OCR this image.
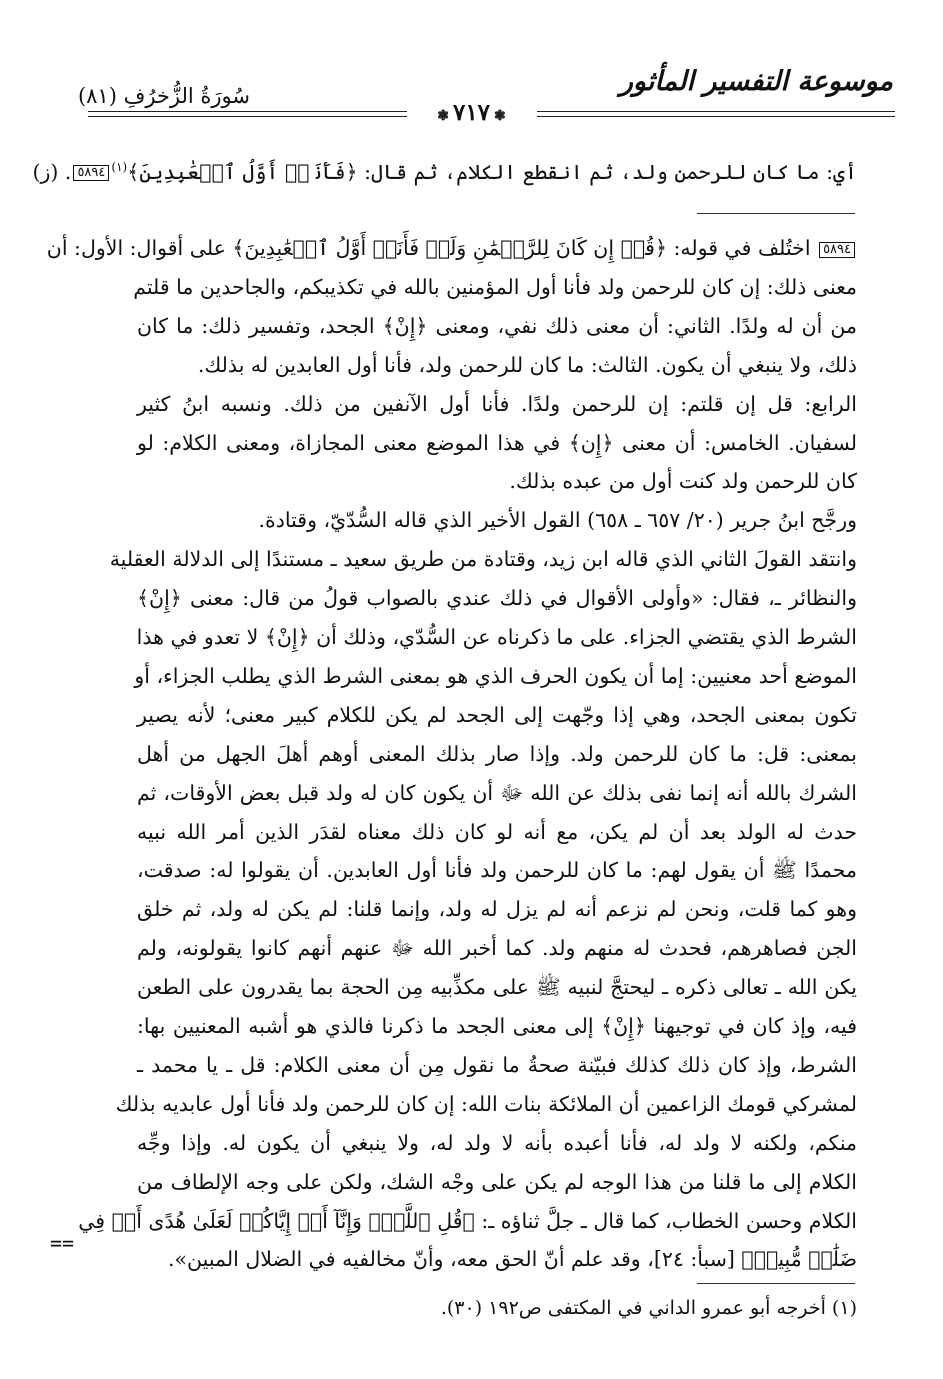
موسوعة التفسير المأثور
سُورَةُ الزُّخرُفِ (٨١)
❃٧١٧❃
أي: ما كان للرحمن ولد، ثم انقطع الكلام، ثم قال: ﴿فَأَنَا۠ أَوَّلُ ٱلۡعَٰبِدِينَ﴾$^{(١)}$٥٨٩٤. (ز)
٥٨٩٤ اختُلف في قوله: ﴿قُلۡ إِن كَانَ لِلرَّحۡمَٰنِ وَلَدٞ فَأَنَا۠ أَوَّلُ ٱلۡعَٰبِدِينَ﴾ على أقوال: الأول: أن
معنى ذلك: إن كان للرحمن ولد فأنا أول المؤمنين بالله في تكذيبكم، والجاحدين ما قلتم
من أن له ولدًا. الثاني: أن معنى ذلك نفي، ومعنى ﴿إِنْ﴾ الجحد، وتفسير ذلك: ما كان
ذلك، ولا ينبغي أن يكون. الثالث: ما كان للرحمن ولد، فأنا أول العابدين له بذلك.
الرابع: قل إن قلتم: إن للرحمن ولدًا. فأنا أول الآنفين من ذلك. ونسبه ابنُ كثير
لسفيان. الخامس: أن معنى ﴿إِن﴾ في هذا الموضع معنى المجازاة، ومعنى الكلام: لو
كان للرحمن ولد كنت أول من عبده بذلك.
ورجَّح ابنُ جرير (٢٠/ ٦٥٧ ـ ٦٥٨) القول الأخير الذي قاله السُّدّيّ، وقتادة.
وانتقد القولَ الثاني الذي قاله ابن زيد، وقتادة من طريق سعيد ـ مستندًا إلى الدلالة العقلية
والنظائر ـ، فقال: «وأولى الأقوال في ذلك عندي بالصواب قولُ من قال: معنى ﴿إِنْ﴾
الشرط الذي يقتضي الجزاء. على ما ذكرناه عن السُّدّي، وذلك أن ﴿إِنْ﴾ لا تعدو في هذا
الموضع أحد معنيين: إما أن يكون الحرف الذي هو بمعنى الشرط الذي يطلب الجزاء، أو
تكون بمعنى الجحد، وهي إذا وجّهت إلى الجحد لم يكن للكلام كبير معنى؛ لأنه يصير
بمعنى: قل: ما كان للرحمن ولد. وإذا صار بذلك المعنى أوهم أهلَ الجهل من أهل
الشرك بالله أنه إنما نفى بذلك عن الله ﷻ أن يكون كان له ولد قبل بعض الأوقات، ثم
حدث له الولد بعد أن لم يكن، مع أنه لو كان ذلك معناه لقدَر الذين أمر الله نبيه
محمدًا ﷺ أن يقول لهم: ما كان للرحمن ولد فأنا أول العابدين. أن يقولوا له: صدقت،
وهو كما قلت، ونحن لم نزعم أنه لم يزل له ولد، وإنما قلنا: لم يكن له ولد، ثم خلق
الجن فصاهرهم، فحدث له منهم ولد. كما أخبر الله ﷻ عنهم أنهم كانوا يقولونه، ولم
يكن الله ـ تعالى ذكره ـ ليحتجَّ لنبيه ﷺ على مكذِّبيه مِن الحجة بما يقدرون على الطعن
فيه، وإذ كان في توجيهنا ﴿إِنْ﴾ إلى معنى الجحد ما ذكرنا فالذي هو أشبه المعنيين بها:
الشرط، وإذ كان ذلك كذلك فبيّنة صحةُ ما نقول مِن أن معنى الكلام: قل ـ يا محمد ـ
لمشركي قومك الزاعمين أن الملائكة بنات الله: إن كان للرحمن ولد فأنا أول عابديه بذلك
منكم، ولكنه لا ولد له، فأنا أعبده بأنه لا ولد له، ولا ينبغي أن يكون له. وإذا وجِّه
الكلام إلى ما قلنا من هذا الوجه لم يكن على وجْه الشك، ولكن على وجه الإلطاف من
الكلام وحسن الخطاب، كما قال ـ جلَّ ثناؤه ـ: ﴿قُلِ ٱللَّهُۖ وَإِنَّآ أَوۡ إِيَّاكُمۡ لَعَلَىٰ هُدًى أَوۡ فِي
ضَلَٰلٖ مُّبِينٖ﴾ [سبأ: ٢٤]، وقد علم أنّ الحق معه، وأنّ مخالفيه في الضلال المبين».
==
(١) أخرجه أبو عمرو الداني في المكتفى ص١٩٢ (٣٠).
